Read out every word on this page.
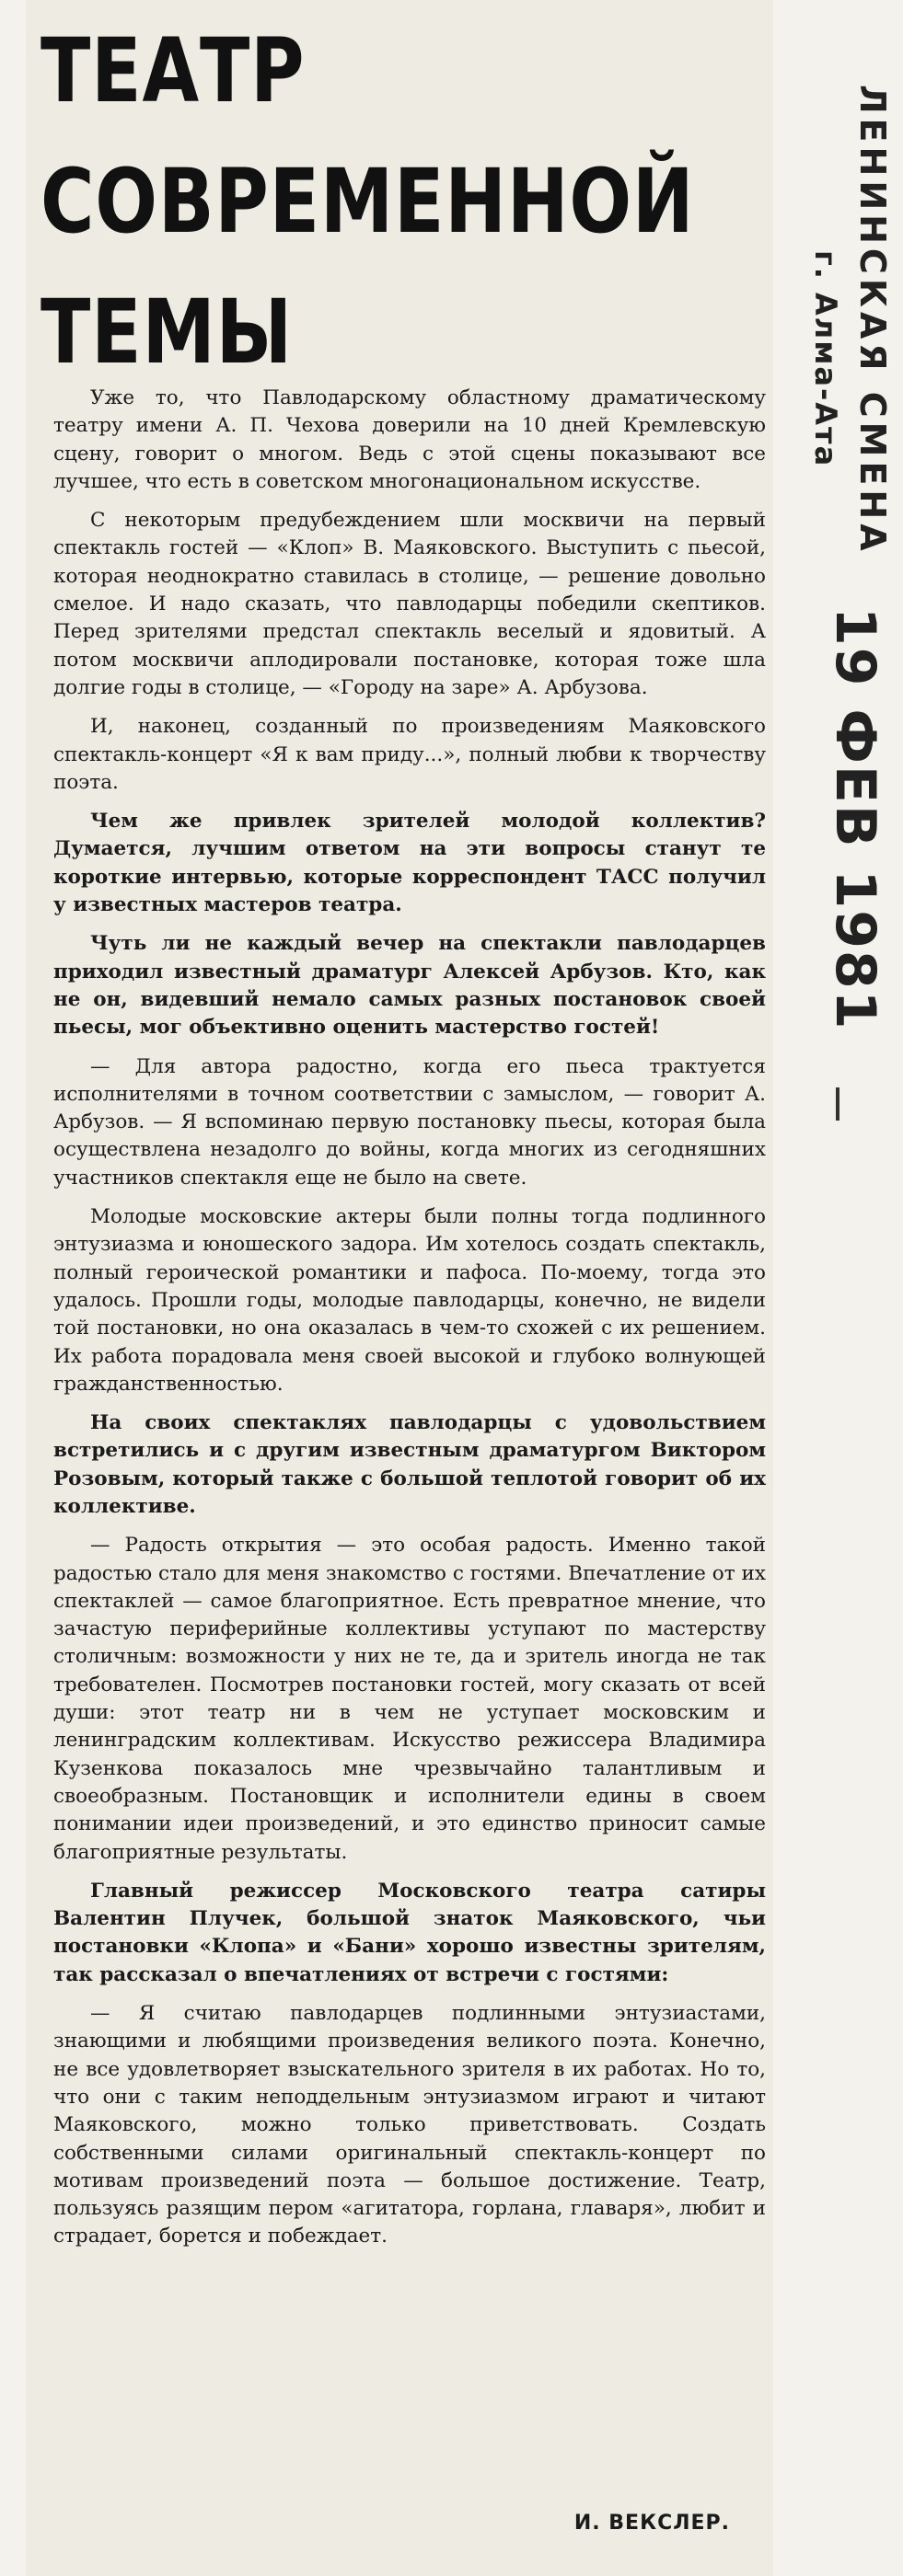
ТЕАТР
СОВРЕМЕННОЙ
ТЕМЫ

Уже то, что Павлодарскому областному драматическому театру имени А. П. Чехова доверили на 10 дней Кремлевскую сцену, говорит о многом. Ведь с этой сцены показывают все лучшее, что есть в советском многонациональном искусстве.

С некоторым предубеждением шли москвичи на первый спектакль гостей — «Клоп» В. Маяковского. Выступить с пьесой, которая неоднократно ставилась в столице, — решение довольно смелое. И надо сказать, что павлодарцы победили скептиков. Перед зрителями предстал спектакль веселый и ядовитый. А потом москвичи аплодировали постановке, которая тоже шла долгие годы в столице, — «Городу на заре» А. Арбузова.

И, наконец, созданный по произведениям Маяковского спектакль-концерт «Я к вам приду...», полный любви к творчеству поэта.

Чем же привлек зрителей молодой коллектив? Думается, лучшим ответом на эти вопросы станут те короткие интервью, которые корреспондент ТАСС получил у известных мастеров театра.

Чуть ли не каждый вечер на спектакли павлодарцев приходил известный драматург Алексей Арбузов. Кто, как не он, видевший немало самых разных постановок своей пьесы, мог объективно оценить мастерство гостей!

— Для автора радостно, когда его пьеса трактуется исполнителями в точном соответствии с замыслом, — говорит А. Арбузов. — Я вспоминаю первую постановку пьесы, которая была осуществлена незадолго до войны, когда многих из сегодняшних участников спектакля еще не было на свете.

Молодые московские актеры были полны тогда подлинного энтузиазма и юношеского задора. Им хотелось создать спектакль, полный героической романтики и пафоса. По-моему, тогда это удалось. Прошли годы, молодые павлодарцы, конечно, не видели той постановки, но она оказалась в чем-то схожей с их решением. Их работа порадовала меня своей высокой и глубоко волнующей гражданственностью.

На своих спектаклях павлодарцы с удовольствием встретились и с другим известным драматургом Виктором Розовым, который также с большой теплотой говорит об их коллективе.

— Радость открытия — это особая радость. Именно такой радостью стало для меня знакомство с гостями. Впечатление от их спектаклей — самое благоприятное. Есть превратное мнение, что зачастую периферийные коллективы уступают по мастерству столичным: возможности у них не те, да и зритель иногда не так требователен. Посмотрев постановки гостей, могу сказать от всей души: этот театр ни в чем не уступает московским и ленинградским коллективам. Искусство режиссера Владимира Кузенкова показалось мне чрезвычайно талантливым и своеобразным. Постановщик и исполнители едины в своем понимании идеи произведений, и это единство приносит самые благоприятные результаты.

Главный режиссер Московского театра сатиры Валентин Плучек, большой знаток Маяковского, чьи постановки «Клопа» и «Бани» хорошо известны зрителям, так рассказал о впечатлениях от встречи с гостями:

— Я считаю павлодарцев подлинными энтузиастами, знающими и любящими произведения великого поэта. Конечно, не все удовлетворяет взыскательного зрителя в их работах. Но то, что они с таким неподдельным энтузиазмом играют и читают Маяковского, можно только приветствовать. Создать собственными силами оригинальный спектакль-концерт по мотивам произведений поэта — большое достижение. Театр, пользуясь разящим пером «агитатора, горлана, главаря», любит и страдает, борется и побеждает.

И. ВЕКСЛЕР.
ЛЕНИНСКАЯ СМЕНА
г. Алма-Ата
19 ФЕВ 1981
